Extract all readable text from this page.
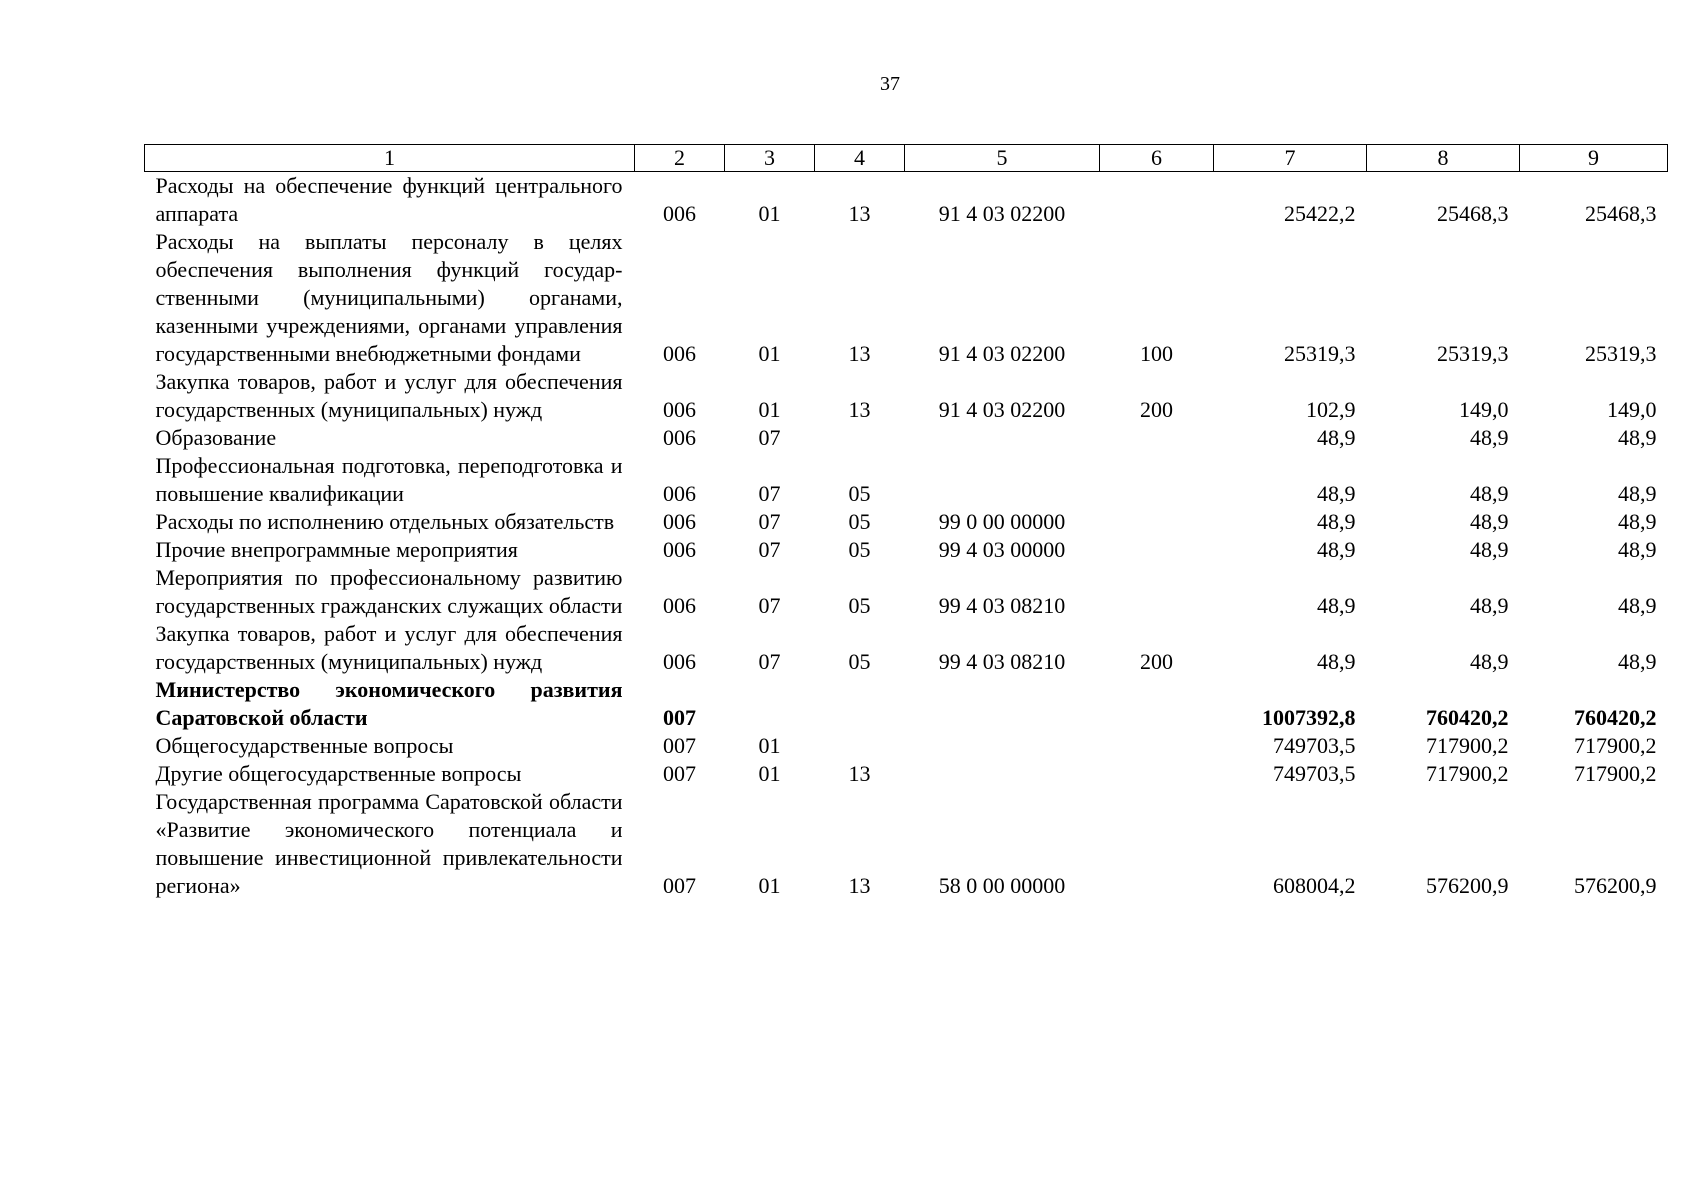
37
1	2	3	4	5	6	7	8	9
Расходы на обеспечение функций центрального аппарата	006	01	13	91 4 03 02200		25422,2	25468,3	25468,3
Расходы на выплаты персоналу в целях обеспечения выполнения функций государственными (муниципальными) органами, казенными учреждениями, органами управления государственными внебюджетными фондами	006	01	13	91 4 03 02200	100	25319,3	25319,3	25319,3
Закупка товаров, работ и услуг для обеспечения государственных (муниципальных) нужд	006	01	13	91 4 03 02200	200	102,9	149,0	149,0
Образование	006	07				48,9	48,9	48,9
Профессиональная подготовка, переподготовка и повышение квалификации	006	07	05			48,9	48,9	48,9
Расходы по исполнению отдельных обязательств	006	07	05	99 0 00 00000		48,9	48,9	48,9
Прочие внепрограммные мероприятия	006	07	05	99 4 03 00000		48,9	48,9	48,9
Мероприятия по профессиональному развитию государственных гражданских служащих области	006	07	05	99 4 03 08210		48,9	48,9	48,9
Закупка товаров, работ и услуг для обеспечения государственных (муниципальных) нужд	006	07	05	99 4 03 08210	200	48,9	48,9	48,9
Министерство экономического развития Саратовской области	007					1007392,8	760420,2	760420,2
Общегосударственные вопросы	007	01				749703,5	717900,2	717900,2
Другие общегосударственные вопросы	007	01	13			749703,5	717900,2	717900,2
Государственная программа Саратовской области «Развитие экономического потенциала и повышение инвестиционной привлекательности региона»	007	01	13	58 0 00 00000		608004,2	576200,9	576200,9
